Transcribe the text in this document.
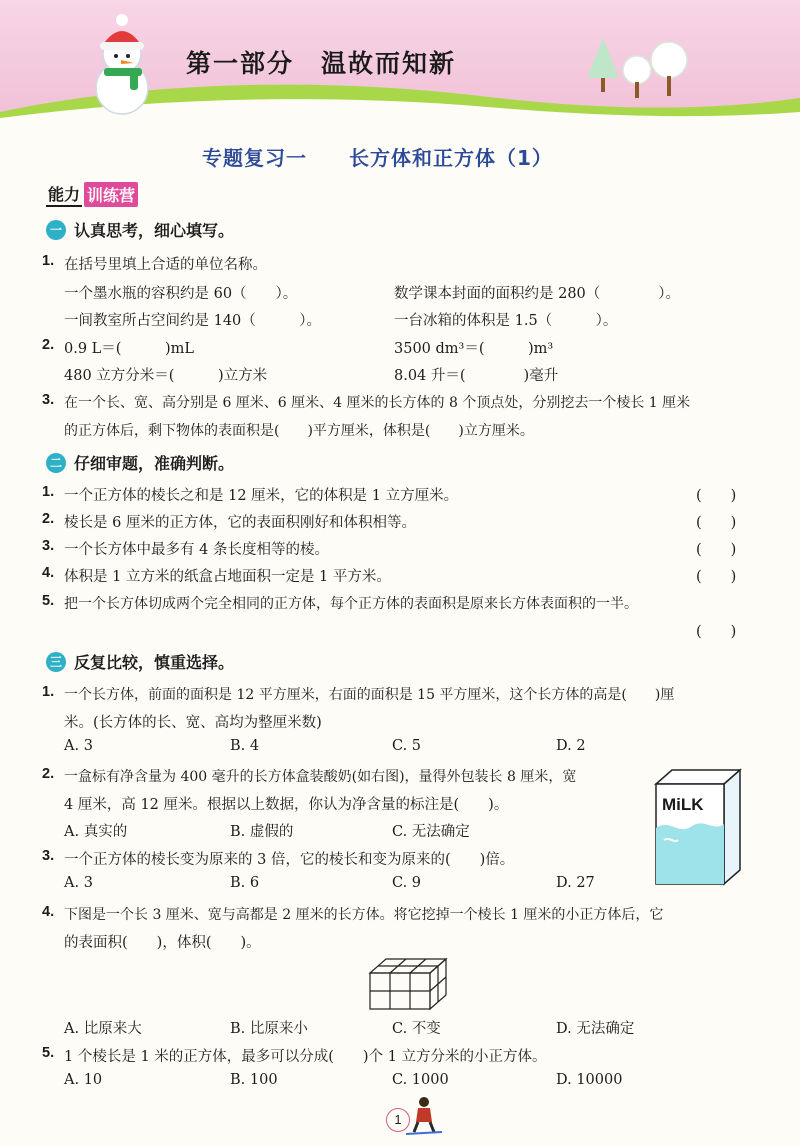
第一部分　温故而知新
专题复习一　　长方体和正方体（1）
能力 训练营
一 认真思考，细心填写。
1. 在括号里填上合适的单位名称。
一个墨水瓶的容积约是 60（　　）。	数学课本封面的面积约是 280（　　　　）。
一间教室所占空间约是 140（　　　）。	一台冰箱的体积是 1.5（　　　）。
2. 0.9 L＝(　　　)mL	3500 dm³＝(　　　)m³
480 立方分米＝(　　　)立方米	8.04 升＝(　　　　)毫升
3. 在一个长、宽、高分别是 6 厘米、6 厘米、4 厘米的长方体的 8 个顶点处，分别挖去一个棱长 1 厘米
的正方体后，剩下物体的表面积是(　　)平方厘米，体积是(　　)立方厘米。
二 仔细审题，准确判断。
1. 一个正方体的棱长之和是 12 厘米，它的体积是 1 立方厘米。	(　　)
2. 棱长是 6 厘米的正方体，它的表面积刚好和体积相等。	(　　)
3. 一个长方体中最多有 4 条长度相等的棱。	(　　)
4. 体积是 1 立方米的纸盒占地面积一定是 1 平方米。	(　　)
5. 把一个长方体切成两个完全相同的正方体，每个正方体的表面积是原来长方体表面积的一半。
(　　)
三 反复比较，慎重选择。
1. 一个长方体，前面的面积是 12 平方厘米，右面的面积是 15 平方厘米，这个长方体的高是(　　)厘
米。(长方体的长、宽、高均为整厘米数)
A. 3	B. 4	C. 5	D. 2
2. 一盒标有净含量为 400 毫升的长方体盒装酸奶(如右图)，量得外包装长 8 厘米，宽
4 厘米，高 12 厘米。根据以上数据，你认为净含量的标注是(　　)。
A. 真实的	B. 虚假的	C. 无法确定
MiLK
3. 一个正方体的棱长变为原来的 3 倍，它的棱长和变为原来的(　　)倍。
A. 3	B. 6	C. 9	D. 27
4. 下图是一个长 3 厘米、宽与高都是 2 厘米的长方体。将它挖掉一个棱长 1 厘米的小正方体后，它
的表面积(　　)，体积(　　)。
A. 比原来大	B. 比原来小	C. 不变	D. 无法确定
5. 1 个棱长是 1 米的正方体，最多可以分成(　　)个 1 立方分米的小正方体。
A. 10	B. 100	C. 1000	D. 10000
1
